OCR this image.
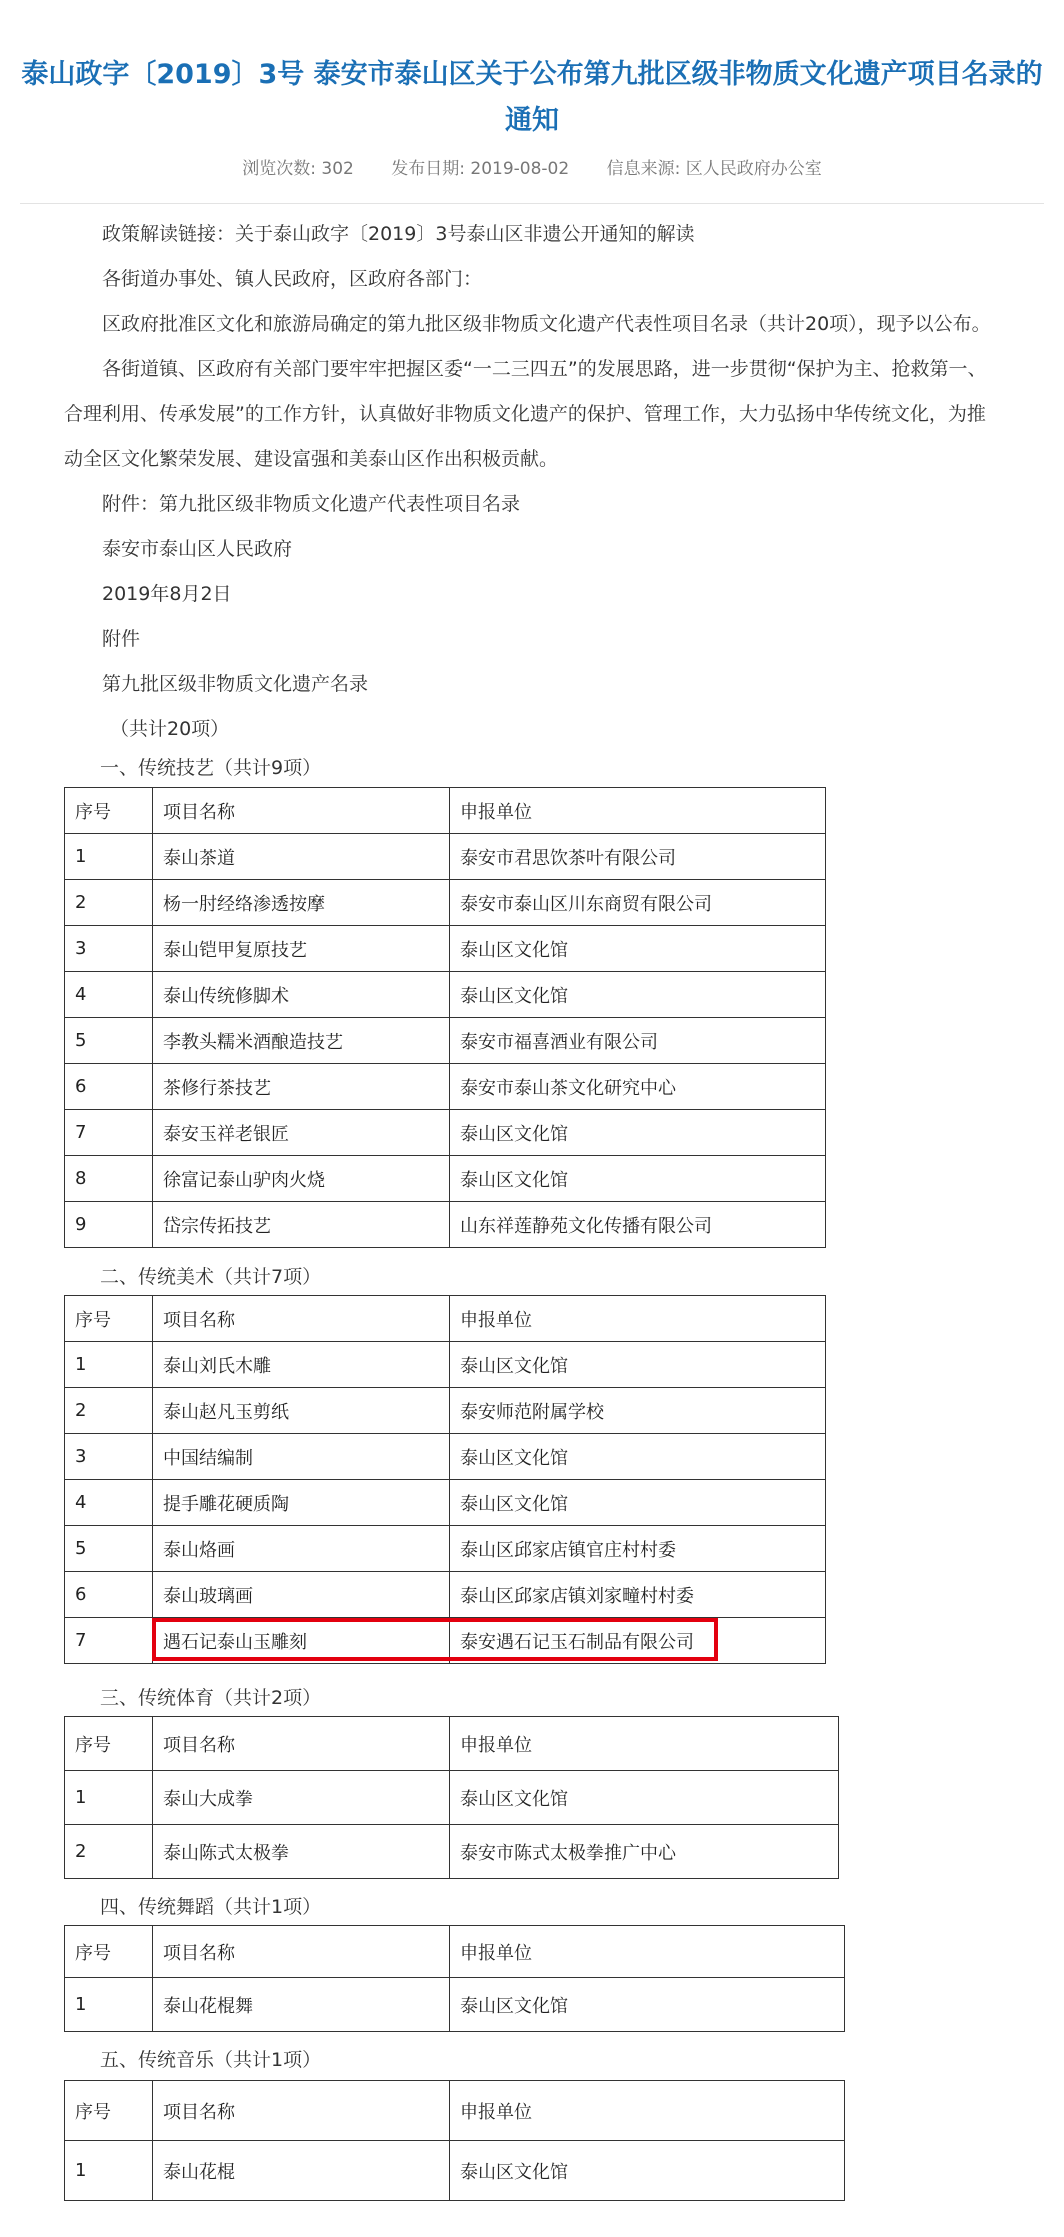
泰山政字〔2019〕3号 泰安市泰山区关于公布第九批区级非物质文化遗产项目名录的通知
浏览次数: 302 发布日期: 2019-08-02 信息来源: 区人民政府办公室

政策解读链接：关于泰山政字〔2019〕3号泰山区非遗公开通知的解读

各街道办事处、镇人民政府，区政府各部门：

区政府批准区文化和旅游局确定的第九批区级非物质文化遗产代表性项目名录（共计20项），现予以公布。

各街道镇、区政府有关部门要牢牢把握区委“一二三四五”的发展思路，进一步贯彻“保护为主、抢救第一、合理利用、传承发展”的工作方针，认真做好非物质文化遗产的保护、管理工作，大力弘扬中华传统文化，为推动全区文化繁荣发展、建设富强和美泰山区作出积极贡献。

附件：第九批区级非物质文化遗产代表性项目名录

泰安市泰山区人民政府

2019年8月2日

附件

第九批区级非物质文化遗产名录

（共计20项）

一、传统技艺（共计9项）
序号	项目名称	申报单位
1	泰山茶道	泰安市君思饮茶叶有限公司
2	杨一肘经络渗透按摩	泰安市泰山区川东商贸有限公司
3	泰山铠甲复原技艺	泰山区文化馆
4	泰山传统修脚术	泰山区文化馆
5	李教头糯米酒酿造技艺	泰安市福喜酒业有限公司
6	茶修行茶技艺	泰安市泰山茶文化研究中心
7	泰安玉祥老银匠	泰山区文化馆
8	徐富记泰山驴肉火烧	泰山区文化馆
9	岱宗传拓技艺	山东祥莲静苑文化传播有限公司
二、传统美术（共计7项）
序号	项目名称	申报单位
1	泰山刘氏木雕	泰山区文化馆
2	泰山赵凡玉剪纸	泰安师范附属学校
3	中国结编制	泰山区文化馆
4	提手雕花硬质陶	泰山区文化馆
5	泰山烙画	泰山区邱家店镇官庄村村委
6	泰山玻璃画	泰山区邱家店镇刘家疃村村委
7	遇石记泰山玉雕刻	泰安遇石记玉石制品有限公司
三、传统体育（共计2项）
序号	项目名称	申报单位
1	泰山大成拳	泰山区文化馆
2	泰山陈式太极拳	泰安市陈式太极拳推广中心
四、传统舞蹈（共计1项）
序号	项目名称	申报单位
1	泰山花棍舞	泰山区文化馆
五、传统音乐（共计1项）
序号	项目名称	申报单位
1	泰山花棍	泰山区文化馆
